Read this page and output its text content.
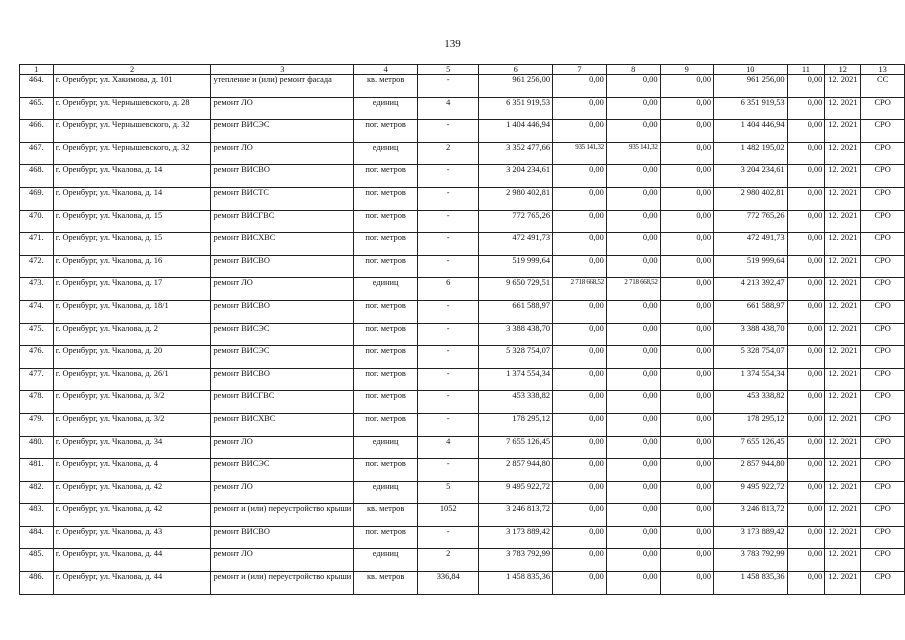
139
1	2	3	4	5	6	7	8	9	10	11	12	13
464.	г. Оренбург, ул. Хакимова, д. 101	утепление и (или) ремонт фасада	кв. метров	-	961 256,00	0,00	0,00	0,00	961 256,00	0,00	12. 2021	СС
465.	г. Оренбург, ул. Чернышевского, д. 28	ремонт ЛО	единиц	4	6 351 919,53	0,00	0,00	0,00	6 351 919,53	0,00	12. 2021	СРО
466.	г. Оренбург, ул. Чернышевского, д. 32	ремонт ВИСЭС	пог. метров	-	1 404 446,94	0,00	0,00	0,00	1 404 446,94	0,00	12. 2021	СРО
467.	г. Оренбург, ул. Чернышевского, д. 32	ремонт ЛО	единиц	2	3 352 477,66	935 141,32	935 141,32	0,00	1 482 195,02	0,00	12. 2021	СРО
468.	г. Оренбург, ул. Чкалова, д. 14	ремонт ВИСВО	пог. метров	-	3 204 234,61	0,00	0,00	0,00	3 204 234,61	0,00	12. 2021	СРО
469.	г. Оренбург, ул. Чкалова, д. 14	ремонт ВИСТС	пог. метров	-	2 980 402,81	0,00	0,00	0,00	2 980 402,81	0,00	12. 2021	СРО
470.	г. Оренбург, ул. Чкалова, д. 15	ремонт ВИСГВС	пог. метров	-	772 765,26	0,00	0,00	0,00	772 765,26	0,00	12. 2021	СРО
471.	г. Оренбург, ул. Чкалова, д. 15	ремонт ВИСХВС	пог. метров	-	472 491,73	0,00	0,00	0,00	472 491,73	0,00	12. 2021	СРО
472.	г. Оренбург, ул. Чкалова, д. 16	ремонт ВИСВО	пог. метров	-	519 999,64	0,00	0,00	0,00	519 999,64	0,00	12. 2021	СРО
473.	г. Оренбург, ул. Чкалова, д. 17	ремонт ЛО	единиц	6	9 650 729,51	2 718 668,52	2 718 668,52	0,00	4 213 392,47	0,00	12. 2021	СРО
474.	г. Оренбург, ул. Чкалова, д. 18/1	ремонт ВИСВО	пог. метров	-	661 588,97	0,00	0,00	0,00	661 588,97	0,00	12. 2021	СРО
475.	г. Оренбург, ул. Чкалова, д. 2	ремонт ВИСЭС	пог. метров	-	3 388 438,70	0,00	0,00	0,00	3 388 438,70	0,00	12. 2021	СРО
476.	г. Оренбург, ул. Чкалова, д. 20	ремонт ВИСЭС	пог. метров	-	5 328 754,07	0,00	0,00	0,00	5 328 754,07	0,00	12. 2021	СРО
477.	г. Оренбург, ул. Чкалова, д. 26/1	ремонт ВИСВО	пог. метров	-	1 374 554,34	0,00	0,00	0,00	1 374 554,34	0,00	12. 2021	СРО
478.	г. Оренбург, ул. Чкалова, д. 3/2	ремонт ВИСГВС	пог. метров	-	453 338,82	0,00	0,00	0,00	453 338,82	0,00	12. 2021	СРО
479.	г. Оренбург, ул. Чкалова, д. 3/2	ремонт ВИСХВС	пог. метров	-	178 295,12	0,00	0,00	0,00	178 295,12	0,00	12. 2021	СРО
480.	г. Оренбург, ул. Чкалова, д. 34	ремонт ЛО	единиц	4	7 655 126,45	0,00	0,00	0,00	7 655 126,45	0,00	12. 2021	СРО
481.	г. Оренбург, ул. Чкалова, д. 4	ремонт ВИСЭС	пог. метров	-	2 857 944,80	0,00	0,00	0,00	2 857 944,80	0,00	12. 2021	СРО
482.	г. Оренбург, ул. Чкалова, д. 42	ремонт ЛО	единиц	5	9 495 922,72	0,00	0,00	0,00	9 495 922,72	0,00	12. 2021	СРО
483.	г. Оренбург, ул. Чкалова, д. 42	ремонт и (или) переустройство крыши	кв. метров	1052	3 246 813,72	0,00	0,00	0,00	3 246 813,72	0,00	12. 2021	СРО
484.	г. Оренбург, ул. Чкалова, д. 43	ремонт ВИСВО	пог. метров	-	3 173 889,42	0,00	0,00	0,00	3 173 889,42	0,00	12. 2021	СРО
485.	г. Оренбург, ул. Чкалова, д. 44	ремонт ЛО	единиц	2	3 783 792,99	0,00	0,00	0,00	3 783 792,99	0,00	12. 2021	СРО
486.	г. Оренбург, ул. Чкалова, д. 44	ремонт и (или) переустройство крыши	кв. метров	336,84	1 458 835,36	0,00	0,00	0,00	1 458 835,36	0,00	12. 2021	СРО
